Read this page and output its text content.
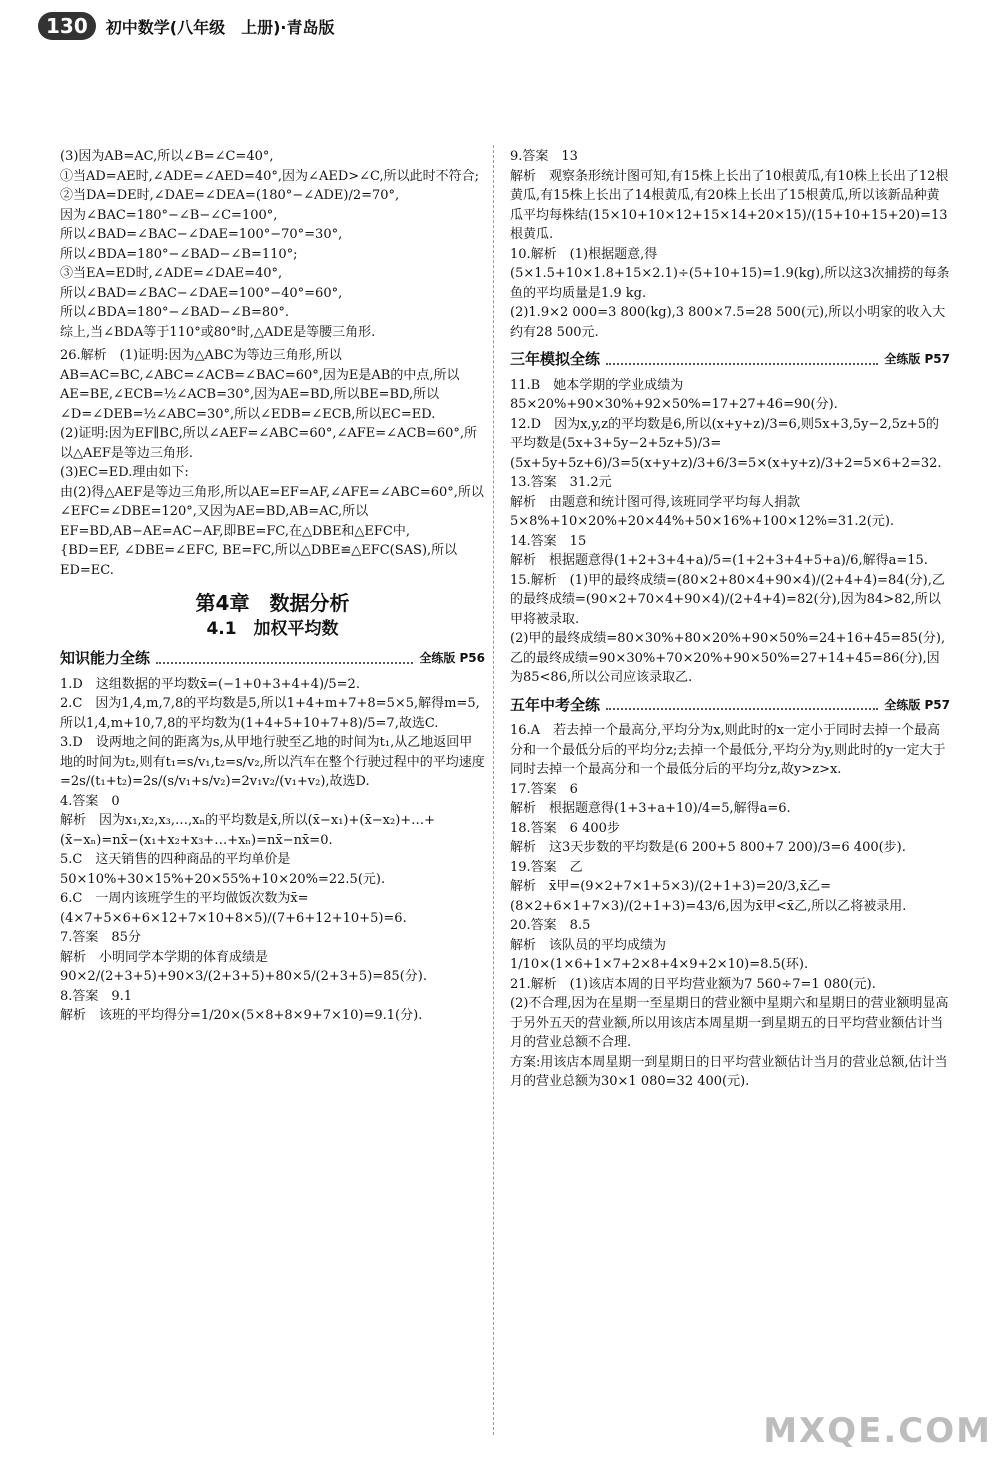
130	初中数学(八年级　上册)·青岛版

(3)因为AB=AC,所以∠B=∠C=40°,

①当AD=AE时,∠ADE=∠AED=40°,因为∠AED>∠C,所以此时不符合;

②当DA=DE时,∠DAE=∠DEA=(180°−∠ADE)/2=70°,

因为∠BAC=180°−∠B−∠C=100°,

所以∠BAD=∠BAC−∠DAE=100°−70°=30°,

所以∠BDA=180°−∠BAD−∠B=110°;

③当EA=ED时,∠ADE=∠DAE=40°,

所以∠BAD=∠BAC−∠DAE=100°−40°=60°,

所以∠BDA=180°−∠BAD−∠B=80°.

综上,当∠BDA等于110°或80°时,△ADE是等腰三角形.

26.解析　(1)证明:因为△ABC为等边三角形,所以AB=AC=BC,∠ABC=∠ACB=∠BAC=60°,因为E是AB的中点,所以AE=BE,∠ECB=½∠ACB=30°,因为AE=BD,所以BE=BD,所以∠D=∠DEB=½∠ABC=30°,所以∠EDB=∠ECB,所以EC=ED.

(2)证明:因为EF∥BC,所以∠AEF=∠ABC=60°,∠AFE=∠ACB=60°,所以△AEF是等边三角形.

(3)EC=ED.理由如下:

由(2)得△AEF是等边三角形,所以AE=EF=AF,∠AFE=∠ABC=60°,所以∠EFC=∠DBE=120°,又因为AE=BD,AB=AC,所以EF=BD,AB−AE=AC−AF,即BE=FC,在△DBE和△EFC中,

{BD=EF, ∠DBE=∠EFC, BE=FC,所以△DBE≌△EFC(SAS),所以ED=EC.

第4章　数据分析
4.1　加权平均数
知识能力全练	全练版 P56

1.D　这组数据的平均数x̄=(−1+0+3+4+4)/5=2.

2.C　因为1,4,m,7,8的平均数是5,所以1+4+m+7+8=5×5,解得m=5,所以1,4,m+10,7,8的平均数为(1+4+5+10+7+8)/5=7,故选C.

3.D　设两地之间的距离为s,从甲地行驶至乙地的时间为t₁,从乙地返回甲地的时间为t₂,则有t₁=s/v₁,t₂=s/v₂,所以汽车在整个行驶过程中的平均速度=2s/(t₁+t₂)=2s/(s/v₁+s/v₂)=2v₁v₂/(v₁+v₂),故选D.

4.答案　0

解析　因为x₁,x₂,x₃,…,xₙ的平均数是x̄,所以(x̄−x₁)+(x̄−x₂)+…+(x̄−xₙ)=nx̄−(x₁+x₂+x₃+…+xₙ)=nx̄−nx̄=0.

5.C　这天销售的四种商品的平均单价是50×10%+30×15%+20×55%+10×20%=22.5(元).

6.C　一周内该班学生的平均做饭次数为x̄=(4×7+5×6+6×12+7×10+8×5)/(7+6+12+10+5)=6.

7.答案　85分

解析　小明同学本学期的体育成绩是90×2/(2+3+5)+90×3/(2+3+5)+80×5/(2+3+5)=85(分).

8.答案　9.1

解析　该班的平均得分=1/20×(5×8+8×9+7×10)=9.1(分).

9.答案　13

解析　观察条形统计图可知,有15株上长出了10根黄瓜,有10株上长出了12根黄瓜,有15株上长出了14根黄瓜,有20株上长出了15根黄瓜,所以该新品种黄瓜平均每株结(15×10+10×12+15×14+20×15)/(15+10+15+20)=13根黄瓜.

10.解析　(1)根据题意,得(5×1.5+10×1.8+15×2.1)÷(5+10+15)=1.9(kg),所以这3次捕捞的每条鱼的平均质量是1.9 kg.

(2)1.9×2 000=3 800(kg),3 800×7.5=28 500(元),所以小明家的收入大约有28 500元.

三年模拟全练	全练版 P57

11.B　她本学期的学业成绩为85×20%+90×30%+92×50%=17+27+46=90(分).

12.D　因为x,y,z的平均数是6,所以(x+y+z)/3=6,则5x+3,5y−2,5z+5的平均数是(5x+3+5y−2+5z+5)/3=(5x+5y+5z+6)/3=5(x+y+z)/3+6/3=5×(x+y+z)/3+2=5×6+2=32.

13.答案　31.2元

解析　由题意和统计图可得,该班同学平均每人捐款5×8%+10×20%+20×44%+50×16%+100×12%=31.2(元).

14.答案　15

解析　根据题意得(1+2+3+4+a)/5=(1+2+3+4+5+a)/6,解得a=15.

15.解析　(1)甲的最终成绩=(80×2+80×4+90×4)/(2+4+4)=84(分),乙的最终成绩=(90×2+70×4+90×4)/(2+4+4)=82(分),因为84>82,所以甲将被录取.

(2)甲的最终成绩=80×30%+80×20%+90×50%=24+16+45=85(分),

乙的最终成绩=90×30%+70×20%+90×50%=27+14+45=86(分),因为85<86,所以公司应该录取乙.

五年中考全练	全练版 P57

16.A　若去掉一个最高分,平均分为x,则此时的x一定小于同时去掉一个最高分和一个最低分后的平均分z;去掉一个最低分,平均分为y,则此时的y一定大于同时去掉一个最高分和一个最低分后的平均分z,故y>z>x.

17.答案　6

解析　根据题意得(1+3+a+10)/4=5,解得a=6.

18.答案　6 400步

解析　这3天步数的平均数是(6 200+5 800+7 200)/3=6 400(步).

19.答案　乙

解析　x̄甲=(9×2+7×1+5×3)/(2+1+3)=20/3,x̄乙=(8×2+6×1+7×3)/(2+1+3)=43/6,因为x̄甲<x̄乙,所以乙将被录用.

20.答案　8.5

解析　该队员的平均成绩为1/10×(1×6+1×7+2×8+4×9+2×10)=8.5(环).

21.解析　(1)该店本周的日平均营业额为7 560÷7=1 080(元).

(2)不合理,因为在星期一至星期日的营业额中星期六和星期日的营业额明显高于另外五天的营业额,所以用该店本周星期一到星期五的日平均营业额估计当月的营业总额不合理.

方案:用该店本周星期一到星期日的日平均营业额估计当月的营业总额,估计当月的营业总额为30×1 080=32 400(元).

MXQE.COM
